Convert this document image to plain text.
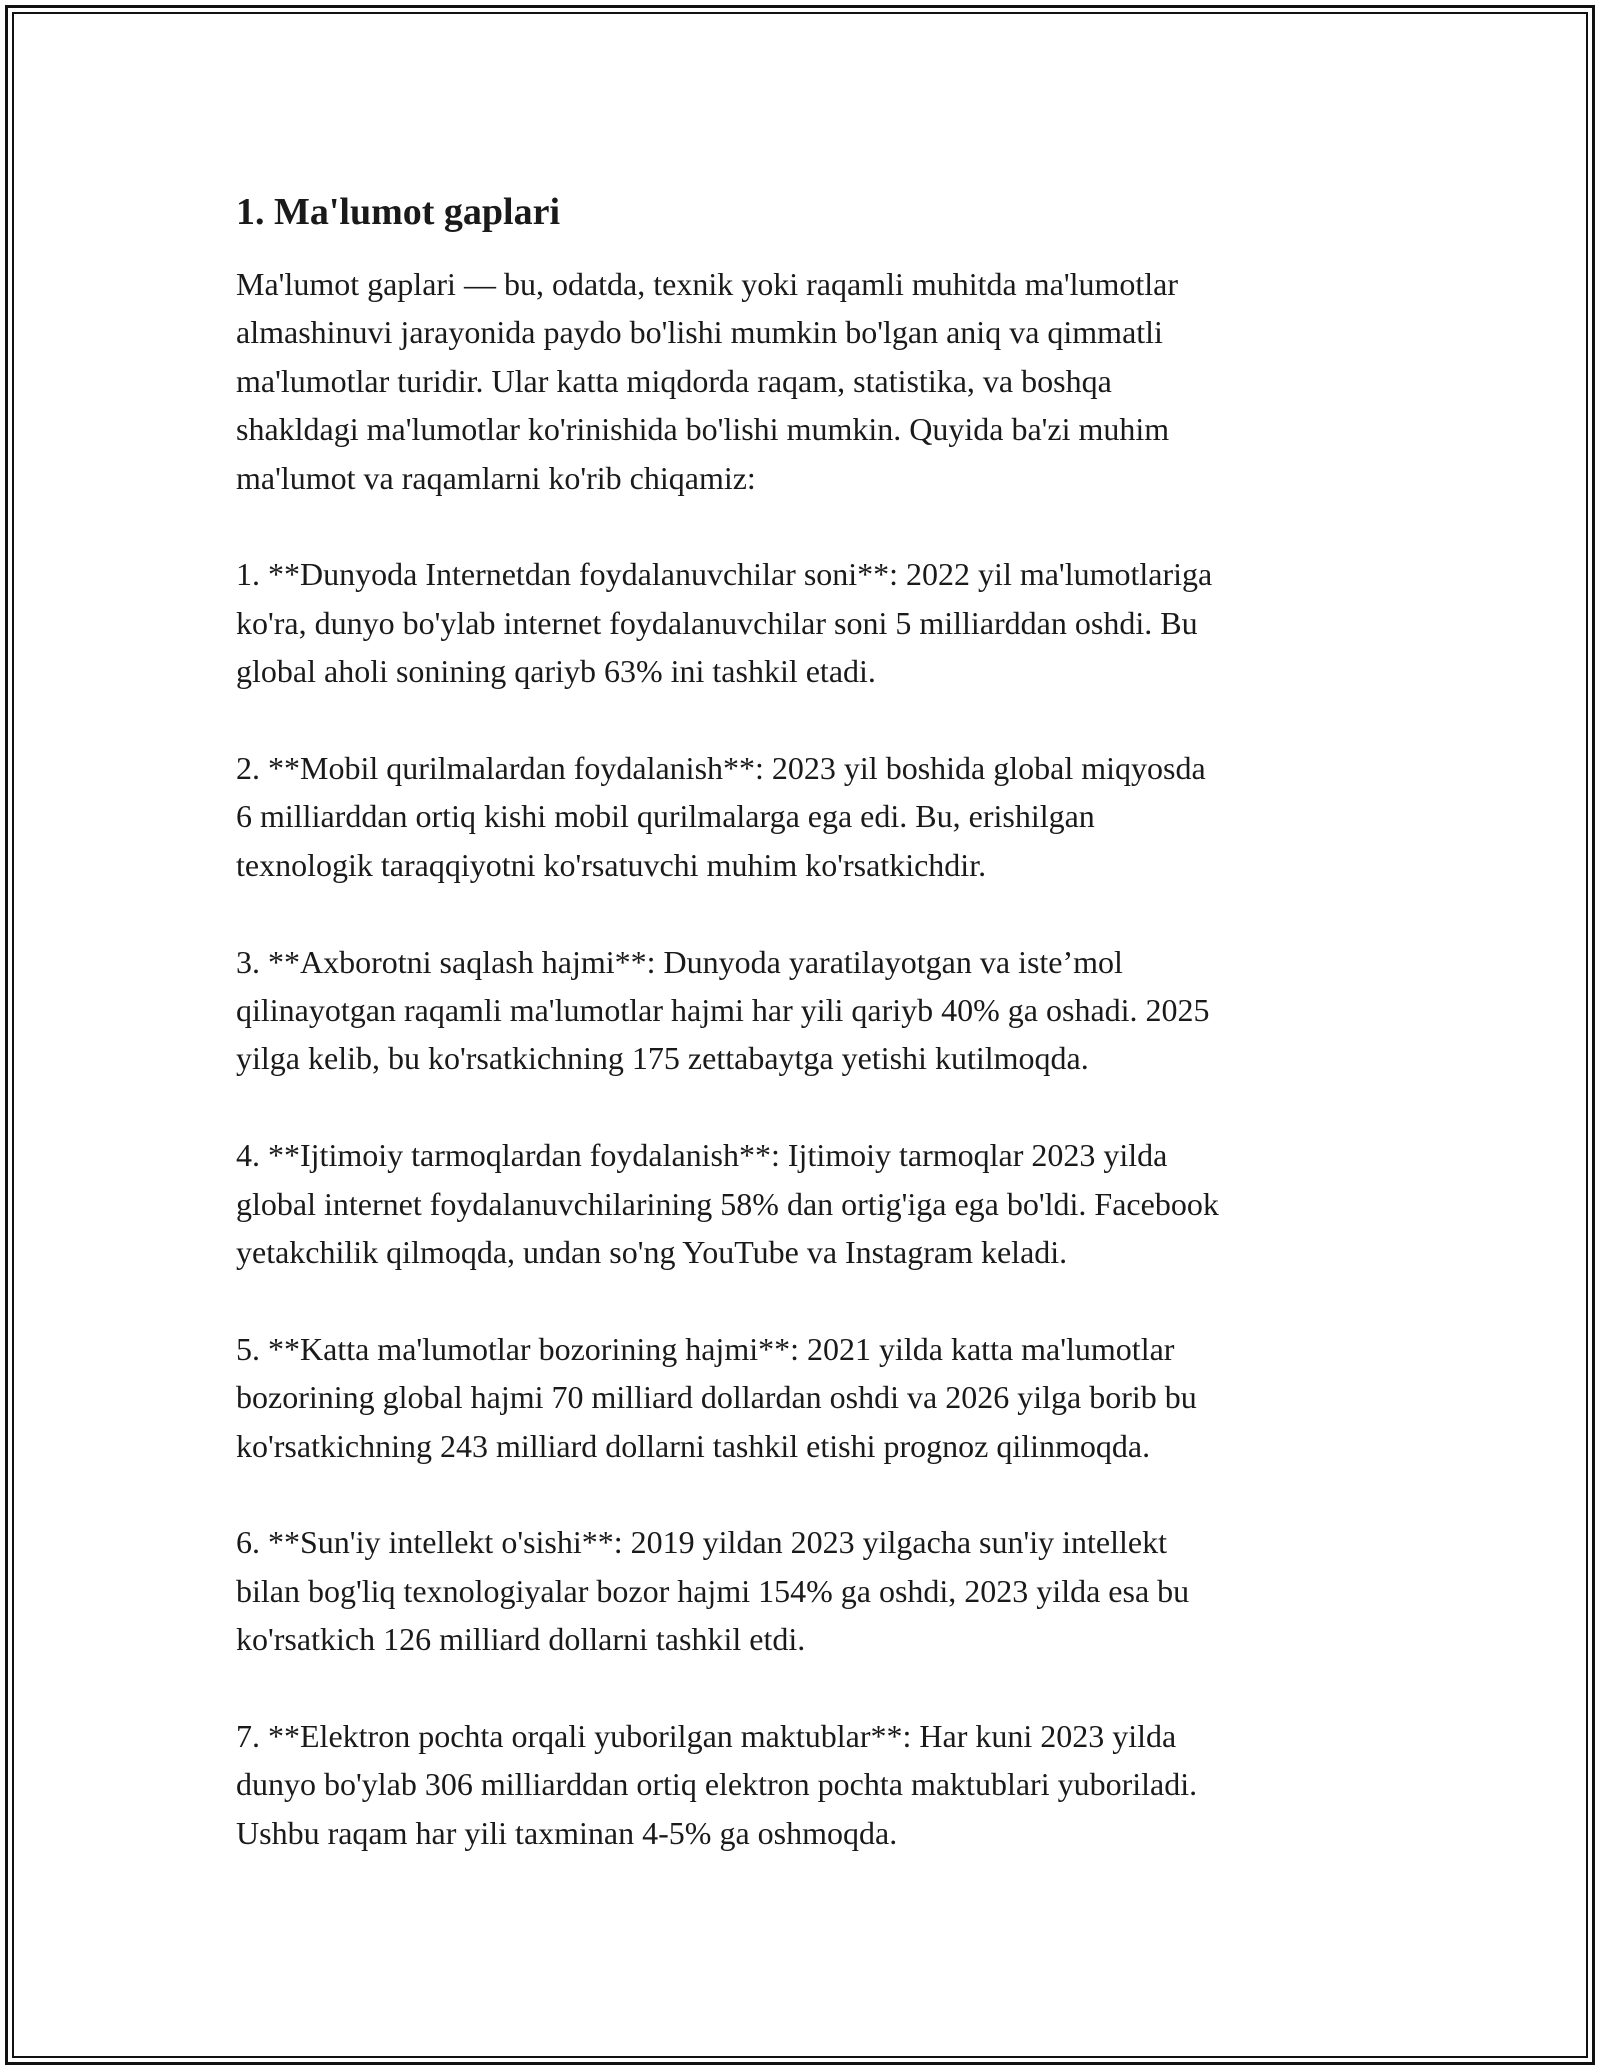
1. Ma'lumot gaplari

Ma'lumot gaplari — bu, odatda, texnik yoki raqamli muhitda ma'lumotlar
almashinuvi jarayonida paydo bo'lishi mumkin bo'lgan aniq va qimmatli
ma'lumotlar turidir. Ular katta miqdorda raqam, statistika, va boshqa
shakldagi ma'lumotlar ko'rinishida bo'lishi mumkin. Quyida ba'zi muhim
ma'lumot va raqamlarni ko'rib chiqamiz:

1. **Dunyoda Internetdan foydalanuvchilar soni**: 2022 yil ma'lumotlariga
ko'ra, dunyo bo'ylab internet foydalanuvchilar soni 5 milliarddan oshdi. Bu
global aholi sonining qariyb 63% ini tashkil etadi.

2. **Mobil qurilmalardan foydalanish**: 2023 yil boshida global miqyosda
6 milliarddan ortiq kishi mobil qurilmalarga ega edi. Bu, erishilgan
texnologik taraqqiyotni ko'rsatuvchi muhim ko'rsatkichdir.

3. **Axborotni saqlash hajmi**: Dunyoda yaratilayotgan va iste’mol
qilinayotgan raqamli ma'lumotlar hajmi har yili qariyb 40% ga oshadi. 2025
yilga kelib, bu ko'rsatkichning 175 zettabaytga yetishi kutilmoqda.

4. **Ijtimoiy tarmoqlardan foydalanish**: Ijtimoiy tarmoqlar 2023 yilda
global internet foydalanuvchilarining 58% dan ortig'iga ega bo'ldi. Facebook
yetakchilik qilmoqda, undan so'ng YouTube va Instagram keladi.

5. **Katta ma'lumotlar bozorining hajmi**: 2021 yilda katta ma'lumotlar
bozorining global hajmi 70 milliard dollardan oshdi va 2026 yilga borib bu
ko'rsatkichning 243 milliard dollarni tashkil etishi prognoz qilinmoqda.

6. **Sun'iy intellekt o'sishi**: 2019 yildan 2023 yilgacha sun'iy intellekt
bilan bog'liq texnologiyalar bozor hajmi 154% ga oshdi, 2023 yilda esa bu
ko'rsatkich 126 milliard dollarni tashkil etdi.

7. **Elektron pochta orqali yuborilgan maktublar**: Har kuni 2023 yilda
dunyo bo'ylab 306 milliarddan ortiq elektron pochta maktublari yuboriladi.
Ushbu raqam har yili taxminan 4-5% ga oshmoqda.
